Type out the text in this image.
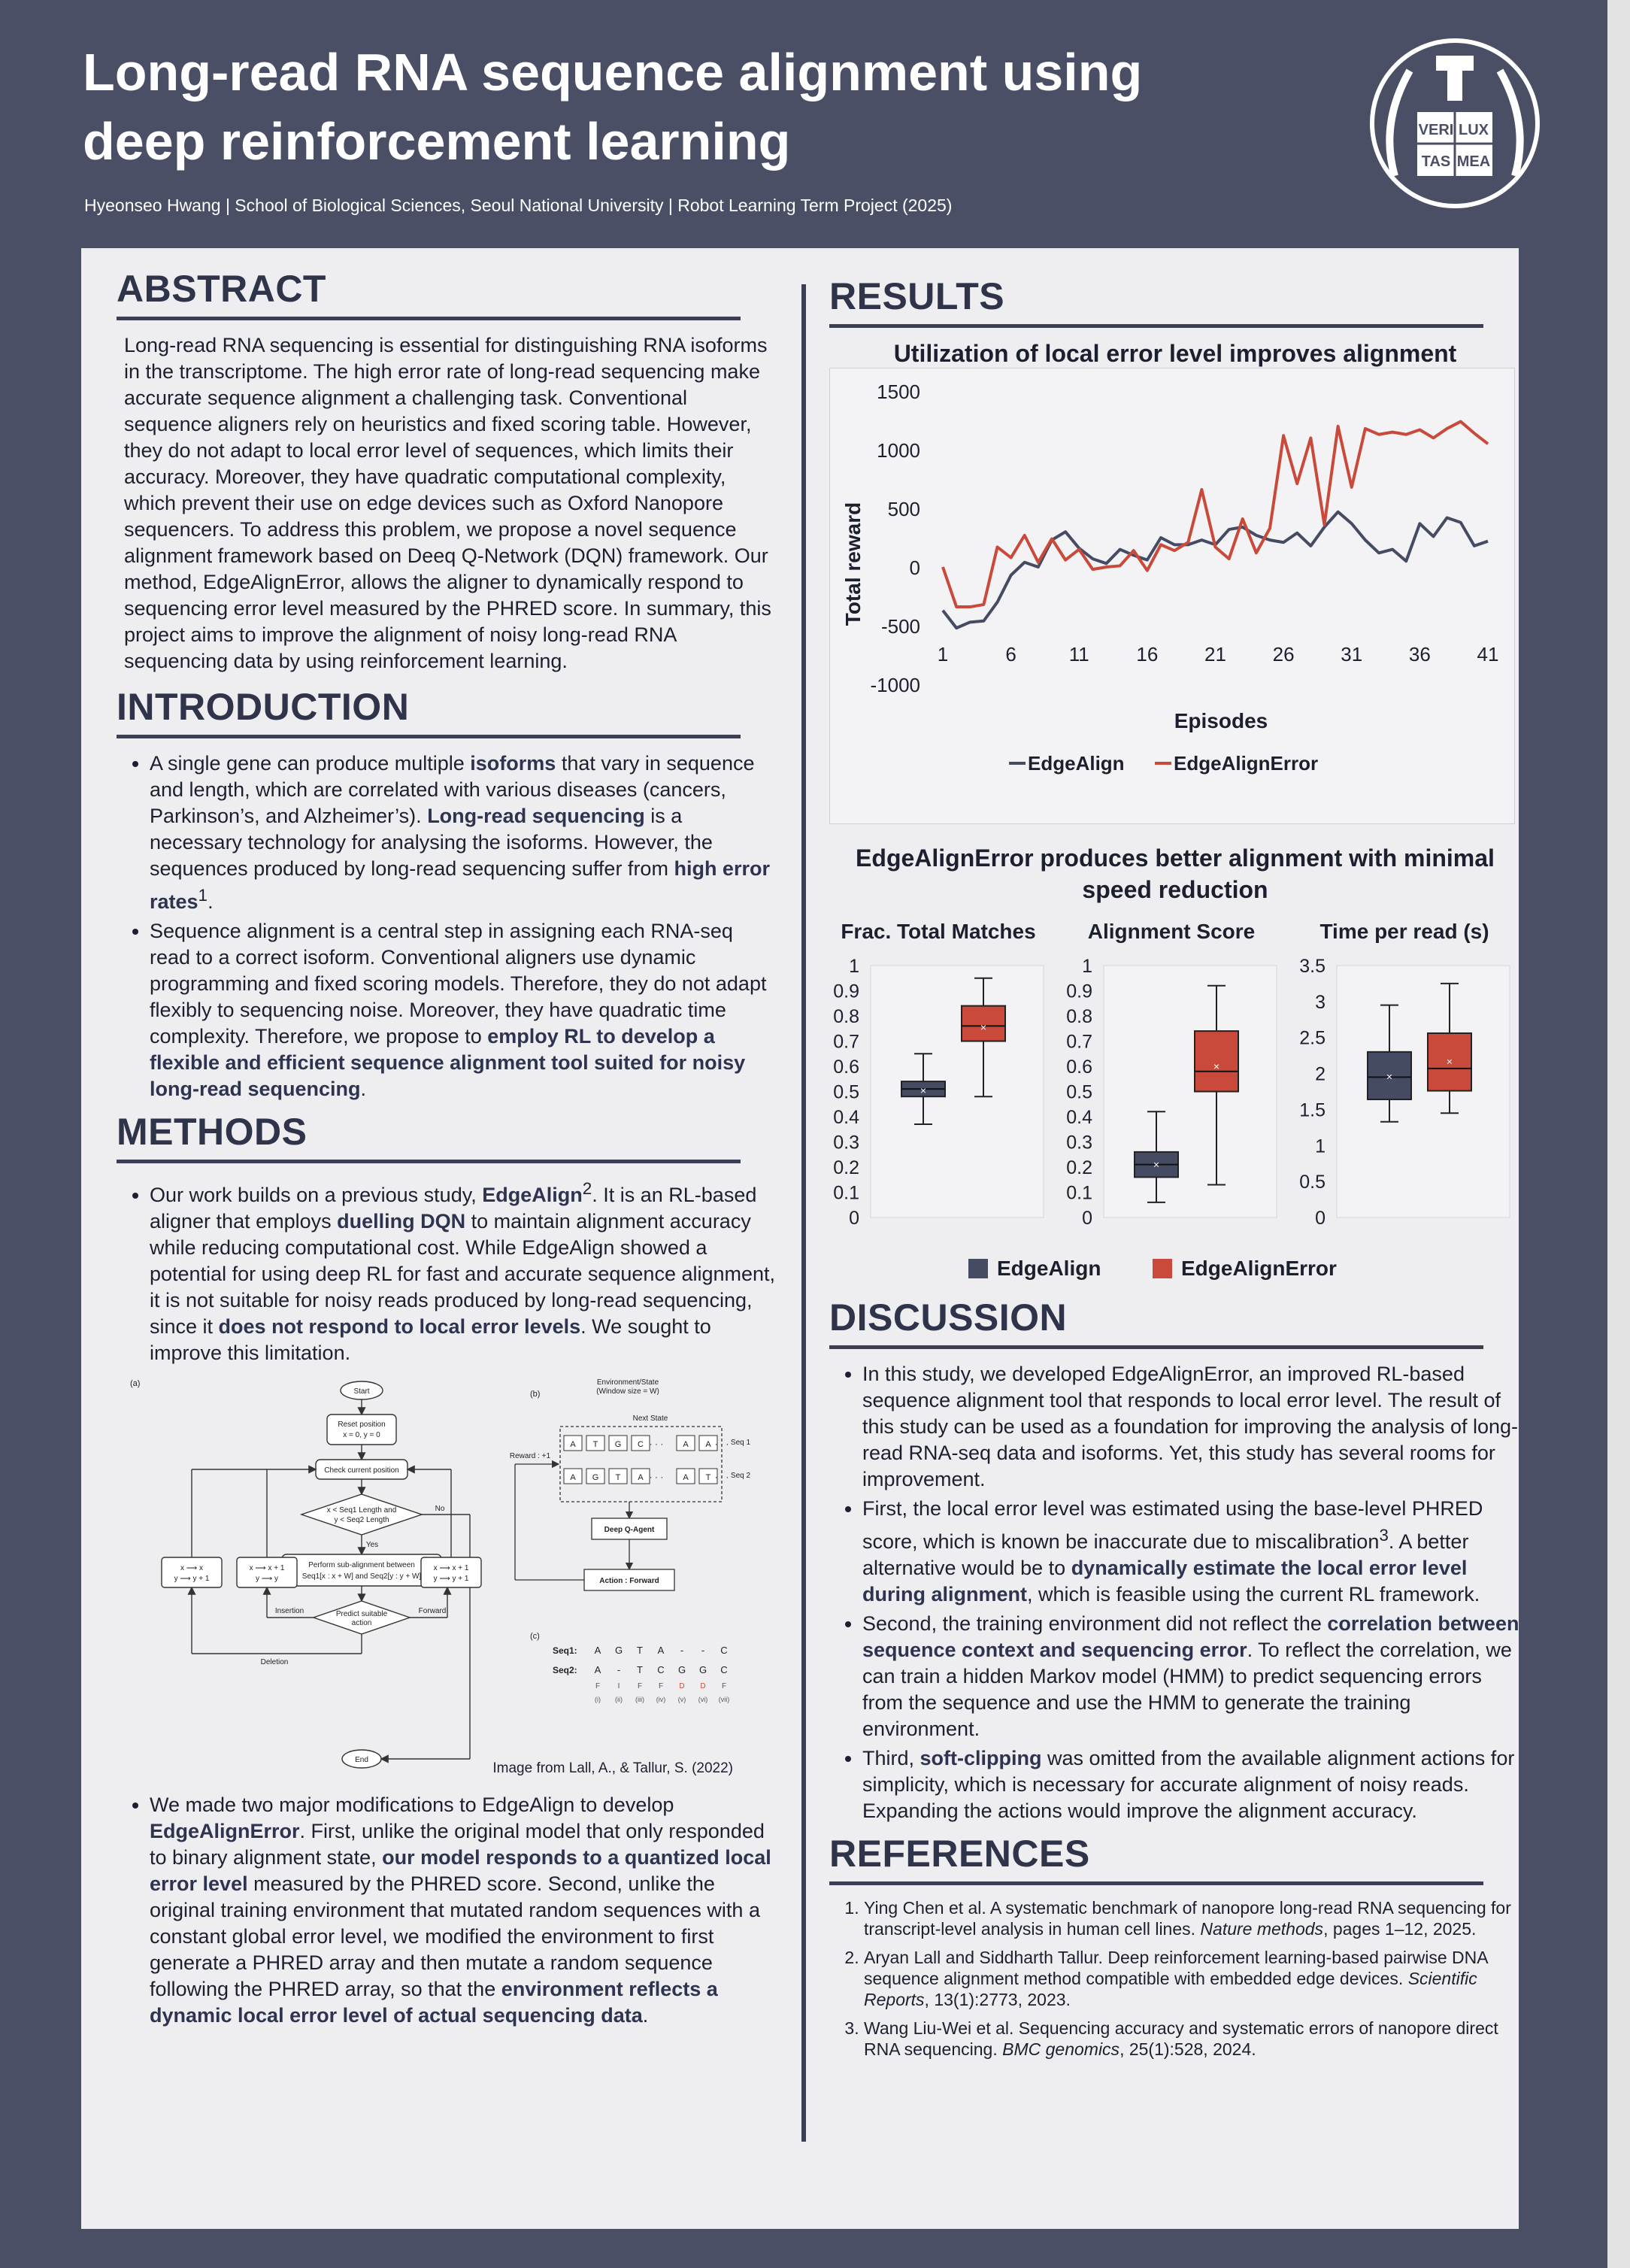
Long-read RNA sequence alignment using
deep reinforcement learning
Hyeonseo Hwang | School of Biological Sciences, Seoul National University | Robot Learning Term Project (2025)
VERI LUX
TAS MEA
ABSTRACT

Long-read RNA sequencing is essential for distinguishing RNA isoforms in the transcriptome. The high error rate of long-read sequencing make accurate sequence alignment a challenging task. Conventional sequence aligners rely on heuristics and fixed scoring table. However, they do not adapt to local error level of sequences, which limits their accuracy. Moreover, they have quadratic computational complexity, which prevent their use on edge devices such as Oxford Nanopore sequencers. To address this problem, we propose a novel sequence alignment framework based on Deeq Q-Network (DQN) framework. Our method, EdgeAlignError, allows the aligner to dynamically respond to sequencing error level measured by the PHRED score. In summary, this project aims to improve the alignment of noisy long-read RNA sequencing data by using reinforcement learning.

INTRODUCTION
• A single gene can produce multiple isoforms that vary in sequence and length, which are correlated with various diseases (cancers, Parkinson’s, and Alzheimer’s). Long-read sequencing is a necessary technology for analysing the isoforms. However, the sequences produced by long-read sequencing suffer from high error rates$^1$.
• Sequence alignment is a central step in assigning each RNA-seq read to a correct isoform. Conventional aligners use dynamic programming and fixed scoring models. Therefore, they do not adapt flexibly to sequencing noise. Moreover, they have quadratic time complexity. Therefore, we propose to employ RL to develop a flexible and efficient sequence alignment tool suited for noisy long-read sequencing.
METHODS
• Our work builds on a previous study, EdgeAlign$^2$. It is an RL-based aligner that employs duelling DQN to maintain alignment accuracy while reducing computational cost. While EdgeAlign showed a potential for using deep RL for fast and accurate sequence alignment, it is not suitable for noisy reads produced by long-read sequencing, since it does not respond to local error levels. We sought to improve this limitation.
(a)
(b)
(c)
Start
Reset position
x = 0, y = 0
Check current position
x < Seq1 Length and
y < Seq2 Length
No
Yes
Perform sub-alignment between
Seq1[x : x + W] and Seq2[y : y + W]
Predict suitable
action
Insertion	Forward
Deletion
x ⟶ x
y ⟶ y + 1
x ⟶ x + 1
y ⟶ y
x ⟶ x + 1
y ⟶ y + 1
End
Environment/State
(Window size = W)
Next State
Reward : +1
Seq 1
Seq 2
A T G C	A A
· · ·	· · ·
A G T A	A T
· · ·	· · ·
Deep Q-Agent
Action : Forward
Seq1:
Seq2:
A G T A - - C
A - T C G G C
F I F F D D F
(i) (ii) (iii) (iv) (v) (vi) (vii)
Image from Lall, A., & Tallur, S. (2022)
• We made two major modifications to EdgeAlign to develop EdgeAlignError. First, unlike the original model that only responded to binary alignment state, our model responds to a quantized local error level measured by the PHRED score. Second, unlike the original training environment that mutated random sequences with a constant global error level, we modified the environment to first generate a PHRED array and then mutate a random sequence following the PHRED array, so that the environment reflects a dynamic local error level of actual sequencing data.
RESULTS
Utilization of local error level improves alignment
Total reward
Episodes
1500
1000
500
0
-500
-1000
1	6	11 16 21 26 31 36 41
EdgeAlign	EdgeAlignError
EdgeAlignError produces better alignment with minimal speed reduction
Frac. Total Matches
1
0.9
0.8
0.7
0.6
0.5
0.4
0.3
0.2
0.1
0
×
×
Alignment Score
1
0.9
0.8
0.7
0.6
0.5
0.4
0.3
0.2
0.1
0
×
×
Time per read (s)
3.5
3
2.5
2
1.5
1
0.5
0
×
×
EdgeAlign	EdgeAlignError
DISCUSSION
• In this study, we developed EdgeAlignError, an improved RL-based sequence alignment tool that responds to local error level. The result of this study can be used as a foundation for improving the analysis of long-read RNA-seq data and isoforms. Yet, this study has several rooms for improvement.
• First, the local error level was estimated using the base-level PHRED score, which is known be inaccurate due to miscalibration$^3$. A better alternative would be to dynamically estimate the local error level during alignment, which is feasible using the current RL framework.
• Second, the training environment did not reflect the correlation between sequence context and sequencing error. To reflect the correlation, we can train a hidden Markov model (HMM) to predict sequencing errors from the sequence and use the HMM to generate the training environment.
• Third, soft-clipping was omitted from the available alignment actions for simplicity, which is necessary for accurate alignment of noisy reads. Expanding the actions would improve the alignment accuracy.
REFERENCES
1. Ying Chen et al. A systematic benchmark of nanopore long-read RNA sequencing for transcript-level analysis in human cell lines. Nature methods, pages 1–12, 2025.
2. Aryan Lall and Siddharth Tallur. Deep reinforcement learning-based pairwise DNA sequence alignment method compatible with embedded edge devices. Scientific Reports, 13(1):2773, 2023.
3. Wang Liu-Wei et al. Sequencing accuracy and systematic errors of nanopore direct RNA sequencing. BMC genomics, 25(1):528, 2024.
